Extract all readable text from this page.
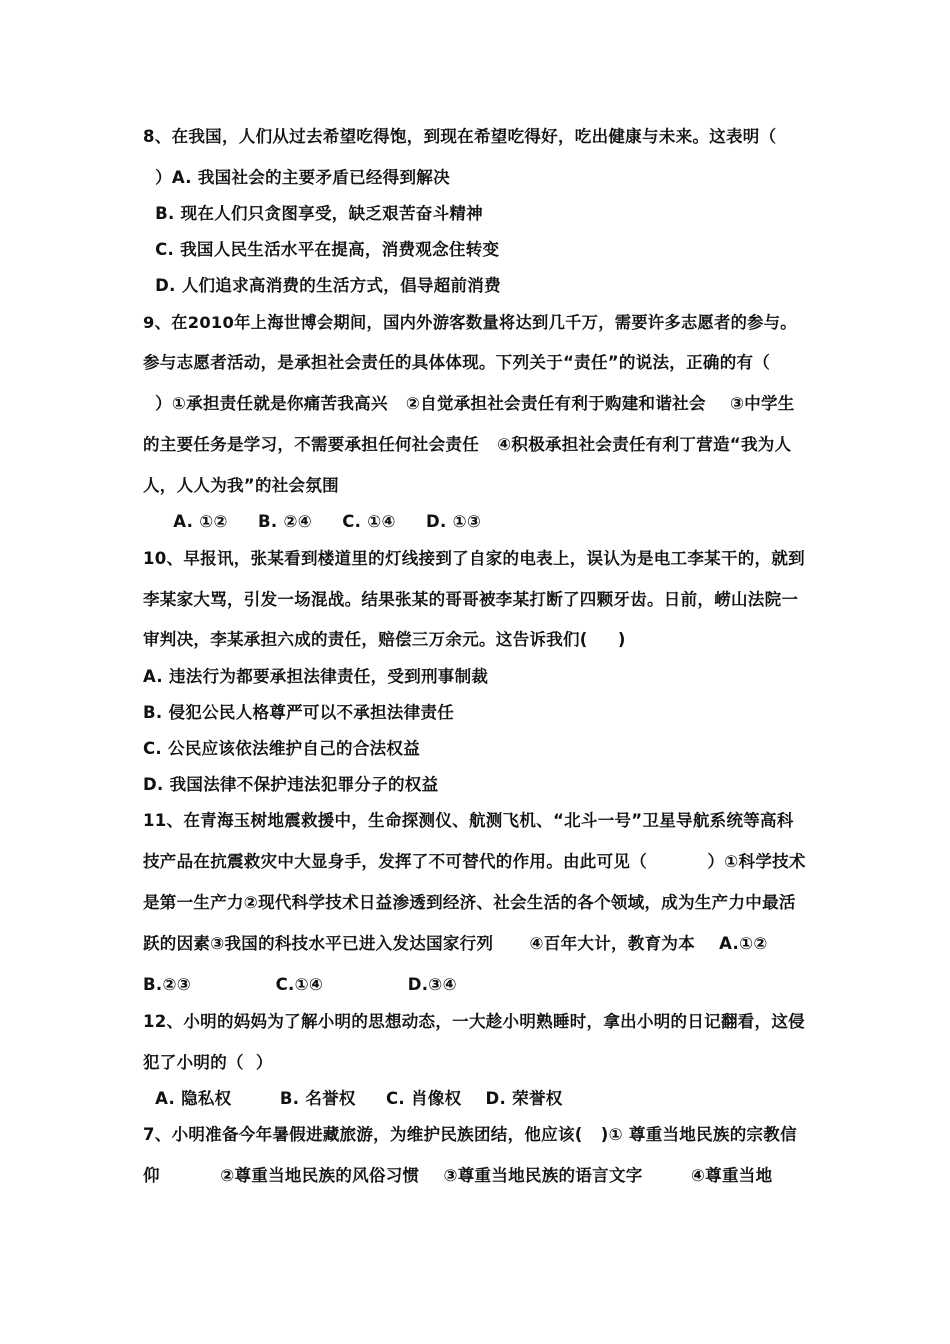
8、在我国，人们从过去希望吃得饱，到现在希望吃得好，吃出健康与未来。这表明（
）A. 我国社会的主要矛盾已经得到解决
B. 现在人们只贪图享受，缺乏艰苦奋斗精神
C. 我国人民生活水平在提高，消费观念住转变
D. 人们追求高消费的生活方式，倡导超前消费
9、在2010年上海世博会期间，国内外游客数量将达到几千万，需要许多志愿者的参与。
参与志愿者活动，是承担社会责任的具体体现。下列关于“责任”的说法，正确的有（
）①承担责任就是你痛苦我高兴   ②自觉承担社会责任有利于购建和谐社会    ③中学生
的主要任务是学习，不需要承担任何社会责任   ④积极承担社会责任有利丁营造“我为人
人，人人为我”的社会氛围
A. ①②     B. ②④     C. ①④     D. ①③
10、早报讯，张某看到楼道里的灯线接到了自家的电表上，误认为是电工李某干的，就到
李某家大骂，引发一场混战。结果张某的哥哥被李某打断了四颗牙齿。日前，崂山法院一
审判决，李某承担六成的责任，赔偿三万余元。这告诉我们(     )
A. 违法行为都要承担法律责任，受到刑事制裁
B. 侵犯公民人格尊严可以不承担法律责任
C. 公民应该依法维护自己的合法权益
D. 我国法律不保护违法犯罪分子的权益
11、在青海玉树地震救援中，生命探测仪、航测飞机、“北斗一号”卫星导航系统等高科
技产品在抗震救灾中大显身手，发挥了不可替代的作用。由此可见（          ）①科学技术
是第一生产力②现代科学技术日益渗透到经济、社会生活的各个领域，成为生产力中最活
跃的因素③我国的科技水平已进入发达国家行列      ④百年大计，教育为本    A.①②
B.②③              C.①④              D.③④
12、小明的妈妈为了解小明的思想动态，一大趁小明熟睡时，拿出小明的日记翻看，这侵
犯了小明的（  ）
A. 隐私权        B. 名誉权     C. 肖像权    D. 荣誉权
7、小明准备今年暑假进藏旅游，为维护民族团结，他应该(   )① 尊重当地民族的宗教信
仰          ②尊重当地民族的风俗习惯    ③尊重当地民族的语言文字        ④尊重当地
